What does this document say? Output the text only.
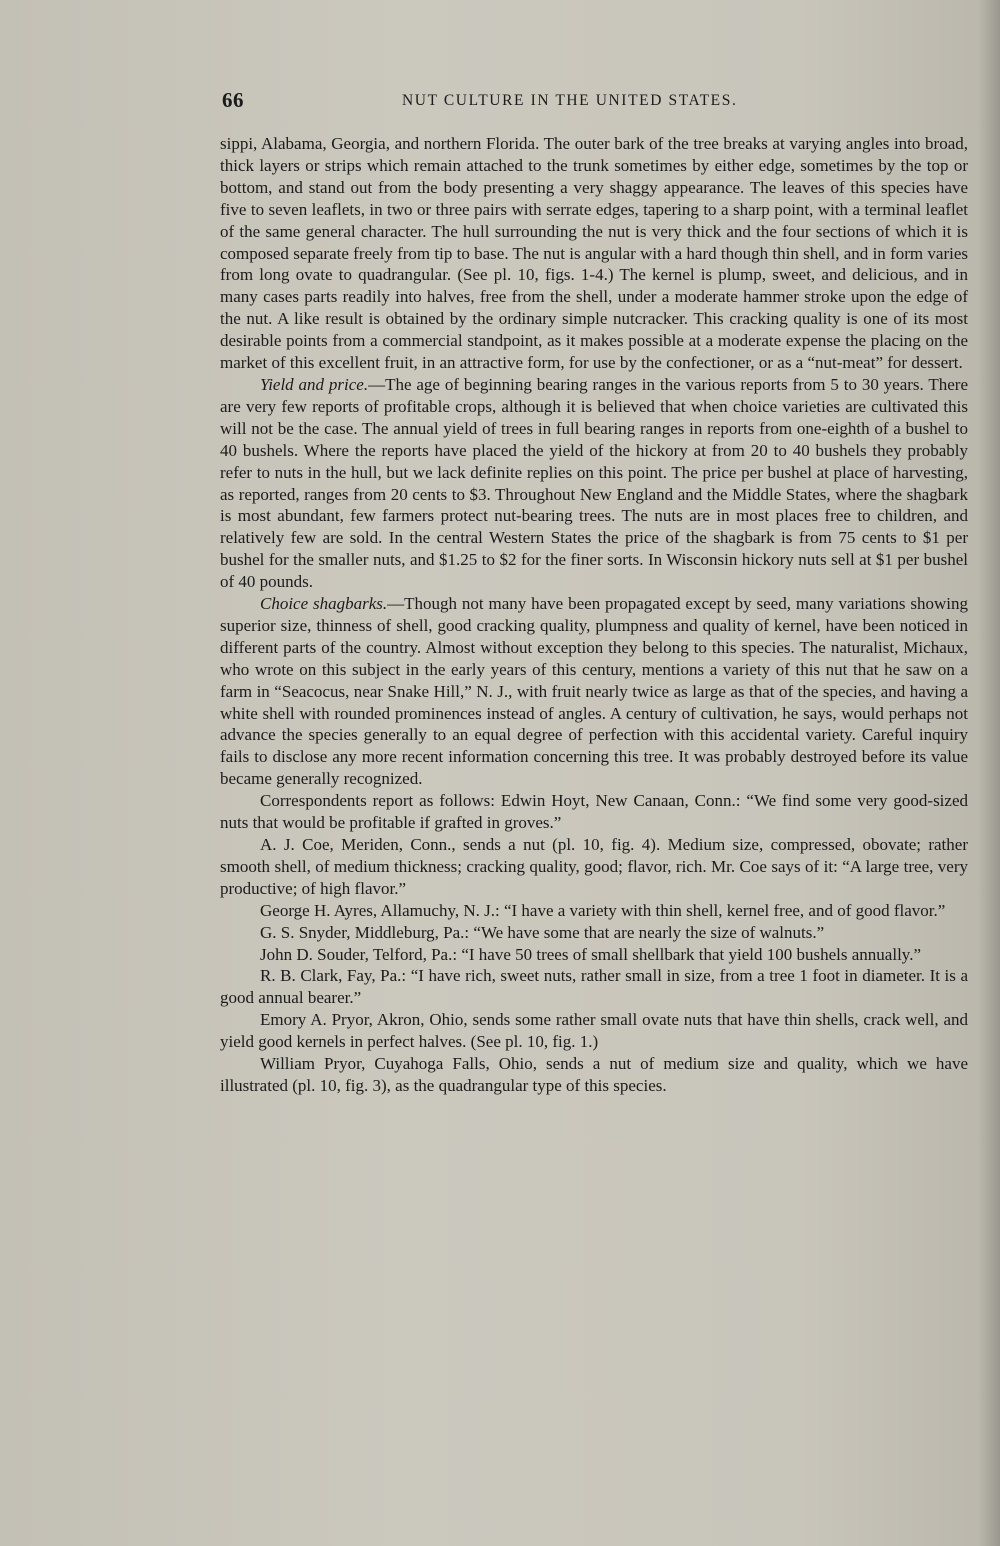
66	NUT CULTURE IN THE UNITED STATES.

sippi, Alabama, Georgia, and northern Florida. The outer bark of the tree breaks at varying angles into broad, thick layers or strips which remain attached to the trunk sometimes by either edge, sometimes by the top or bottom, and stand out from the body presenting a very shaggy appearance. The leaves of this species have five to seven leaflets, in two or three pairs with serrate edges, tapering to a sharp point, with a terminal leaflet of the same general character. The hull surrounding the nut is very thick and the four sections of which it is composed separate freely from tip to base. The nut is angular with a hard though thin shell, and in form varies from long ovate to quadrangular. (See pl. 10, figs. 1-4.) The kernel is plump, sweet, and delicious, and in many cases parts readily into halves, free from the shell, under a moderate hammer stroke upon the edge of the nut. A like result is obtained by the ordinary simple nutcracker. This cracking quality is one of its most desirable points from a commercial standpoint, as it makes possible at a moderate expense the placing on the market of this excellent fruit, in an attractive form, for use by the confectioner, or as a “nut-meat” for dessert.

Yield and price.—The age of beginning bearing ranges in the various reports from 5 to 30 years. There are very few reports of profitable crops, although it is believed that when choice varieties are cultivated this will not be the case. The annual yield of trees in full bearing ranges in reports from one-eighth of a bushel to 40 bushels. Where the reports have placed the yield of the hickory at from 20 to 40 bushels they probably refer to nuts in the hull, but we lack definite replies on this point. The price per bushel at place of harvesting, as reported, ranges from 20 cents to $3. Throughout New England and the Middle States, where the shagbark is most abundant, few farmers protect nut-bearing trees. The nuts are in most places free to children, and relatively few are sold. In the central Western States the price of the shagbark is from 75 cents to $1 per bushel for the smaller nuts, and $1.25 to $2 for the finer sorts. In Wisconsin hickory nuts sell at $1 per bushel of 40 pounds.

Choice shagbarks.—Though not many have been propagated except by seed, many variations showing superior size, thinness of shell, good cracking quality, plumpness and quality of kernel, have been noticed in different parts of the country. Almost without exception they belong to this species. The naturalist, Michaux, who wrote on this subject in the early years of this century, mentions a variety of this nut that he saw on a farm in “Seacocus, near Snake Hill,” N. J., with fruit nearly twice as large as that of the species, and having a white shell with rounded prominences instead of angles. A century of cultivation, he says, would perhaps not advance the species generally to an equal degree of perfection with this accidental variety. Careful inquiry fails to disclose any more recent information concerning this tree. It was probably destroyed before its value became generally recognized.

Correspondents report as follows: Edwin Hoyt, New Canaan, Conn.: “We find some very good-sized nuts that would be profitable if grafted in groves.”

A. J. Coe, Meriden, Conn., sends a nut (pl. 10, fig. 4). Medium size, compressed, obovate; rather smooth shell, of medium thickness; cracking quality, good; flavor, rich. Mr. Coe says of it: “A large tree, very productive; of high flavor.”

George H. Ayres, Allamuchy, N. J.: “I have a variety with thin shell, kernel free, and of good flavor.”

G. S. Snyder, Middleburg, Pa.: “We have some that are nearly the size of walnuts.”

John D. Souder, Telford, Pa.: “I have 50 trees of small shellbark that yield 100 bushels annually.”

R. B. Clark, Fay, Pa.: “I have rich, sweet nuts, rather small in size, from a tree 1 foot in diameter. It is a good annual bearer.”

Emory A. Pryor, Akron, Ohio, sends some rather small ovate nuts that have thin shells, crack well, and yield good kernels in perfect halves. (See pl. 10, fig. 1.)

William Pryor, Cuyahoga Falls, Ohio, sends a nut of medium size and quality, which we have illustrated (pl. 10, fig. 3), as the quadrangular type of this species.
